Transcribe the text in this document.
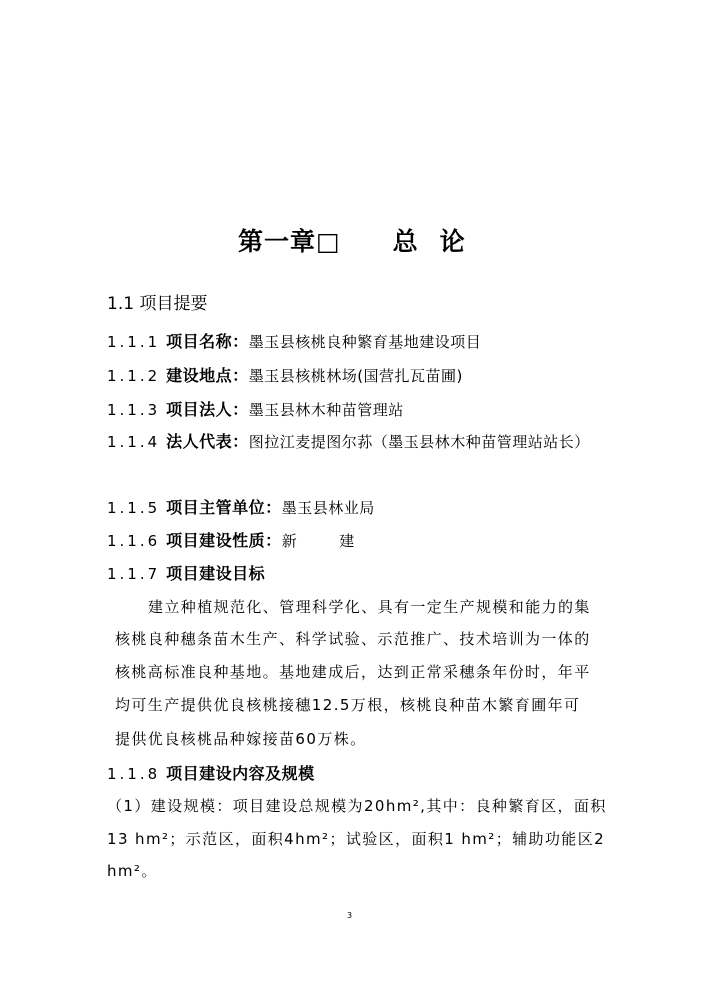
第一章□ 总论
1.1 项目提要
1.1.1 项目名称：墨玉县核桃良种繁育基地建设项目
1.1.2 建设地点：墨玉县核桃林场(国营扎瓦苗圃)
1.1.3 项目法人：墨玉县林木种苗管理站
1.1.4 法人代表：图拉江麦提图尔荪（墨玉县林木种苗管理站站长）
1.1.5 项目主管单位：墨玉县林业局
1.1.6 项目建设性质：新	建
1.1.7 项目建设目标
建立种植规范化、管理科学化、具有一定生产规模和能力的集
核桃良种穗条苗木生产、科学试验、示范推广、技术培训为一体的
核桃高标准良种基地。基地建成后，达到正常采穗条年份时，年平
均可生产提供优良核桃接穗12.5万根，核桃良种苗木繁育圃年可
提供优良核桃品种嫁接苗60万株。
1.1.8 项目建设内容及规模
（1）建设规模：项目建设总规模为20hm²,其中：良种繁育区，面积
13 hm²；示范区，面积4hm²；试验区，面积1 hm²；辅助功能区2
hm²。
3
